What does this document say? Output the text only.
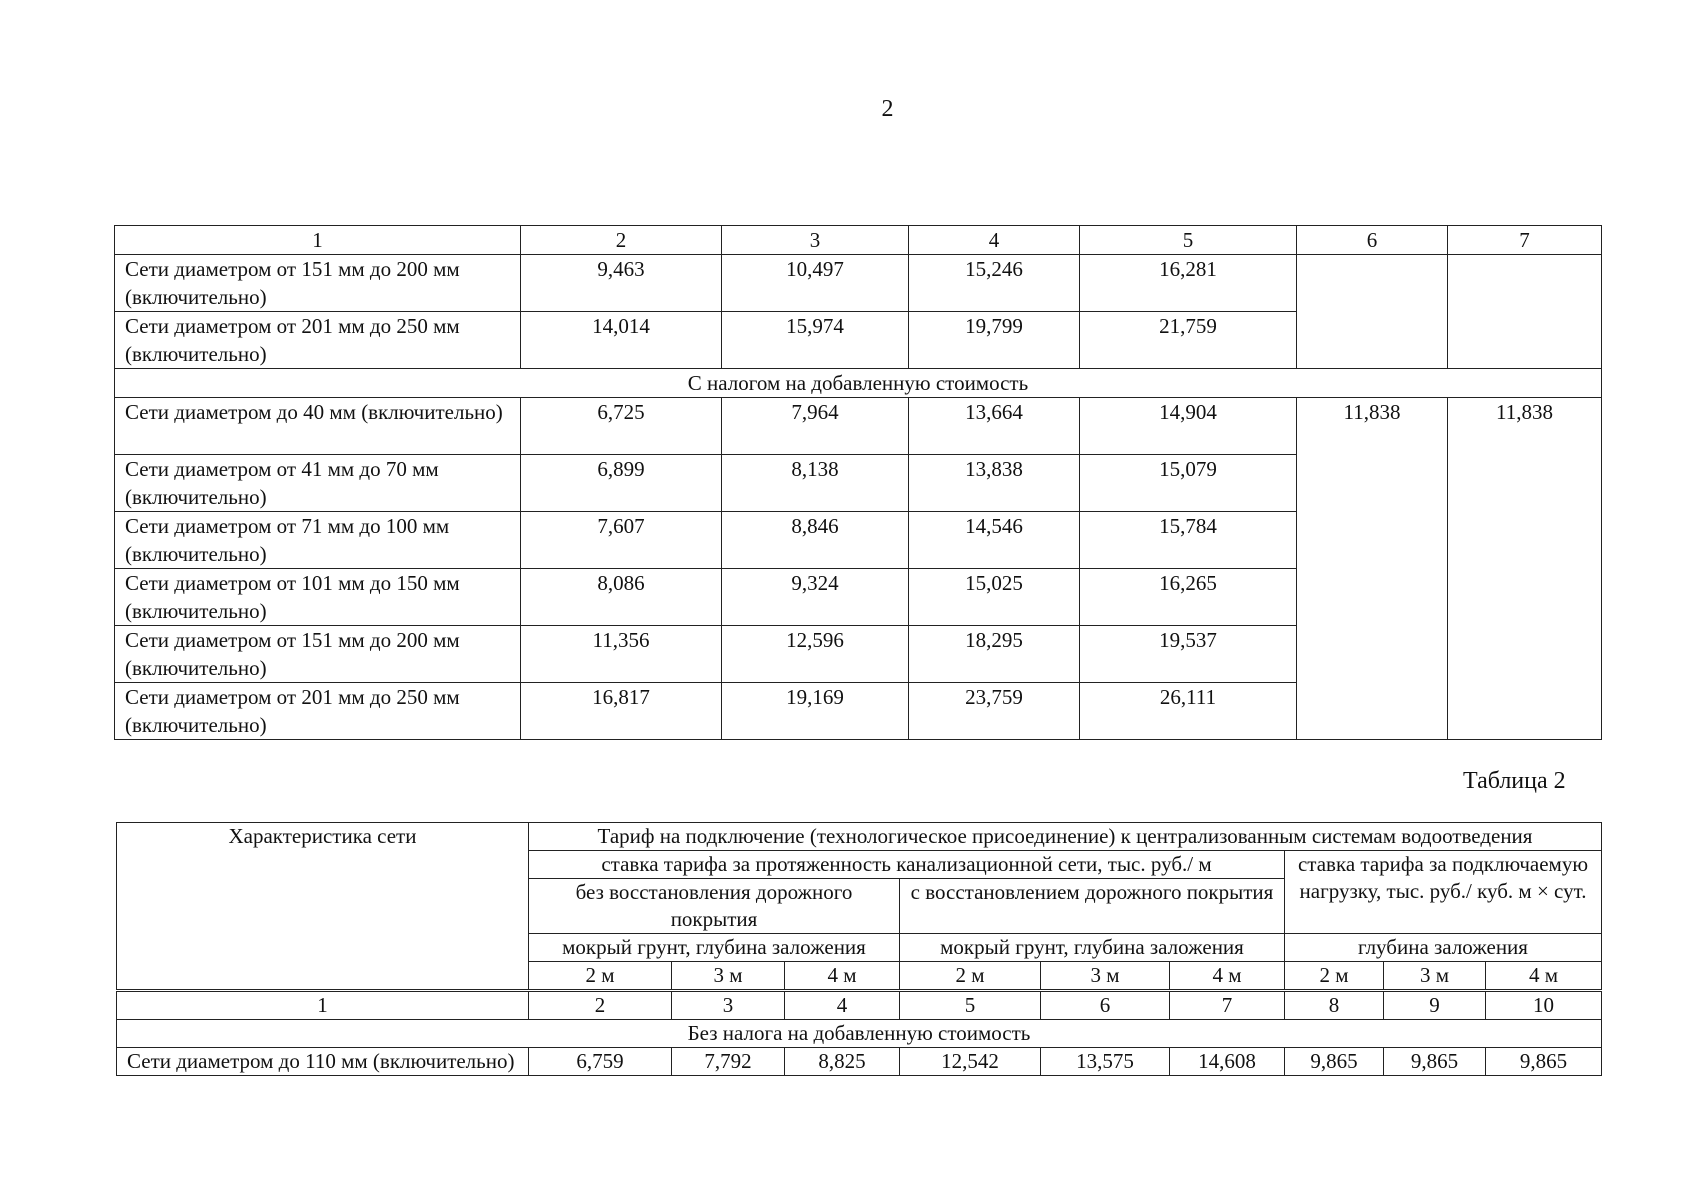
2
1	2	3	4	5	6	7
Сети диаметром от 151 мм до 200 мм (включительно)	9,463	10,497	15,246	16,281		
Сети диаметром от 201 мм до 250 мм (включительно)	14,014	15,974	19,799	21,759		
С налогом на добавленную стоимость						
Сети диаметром до 40 мм (включительно)	6,725	7,964	13,664	14,904	11,838	11,838
Сети диаметром от 41 мм до 70 мм (включительно)	6,899	8,138	13,838	15,079		
Сети диаметром от 71 мм до 100 мм (включительно)	7,607	8,846	14,546	15,784		
Сети диаметром от 101 мм до 150 мм (включительно)	8,086	9,324	15,025	16,265		
Сети диаметром от 151 мм до 200 мм (включительно)	11,356	12,596	18,295	19,537		
Сети диаметром от 201 мм до 250 мм (включительно)	16,817	19,169	23,759	26,111		
Таблица 2
Характеристика сети	Тариф на подключение (технологическое присоединение) к централизованным системам водоотведения								
	ставка тарифа за протяженность канализационной сети, тыс. руб./ м						ставка тарифа за подключаемую нагрузку, тыс. руб./ куб. м × сут.		
	без восстановления дорожного покрытия			с восстановлением дорожного покрытия					
	мокрый грунт, глубина заложения			мокрый грунт, глубина заложения			глубина заложения		
	2 м	3 м	4 м	2 м	3 м	4 м	2 м	3 м	4 м
1	2	3	4	5	6	7	8	9	10
Без налога на добавленную стоимость									
Сети диаметром до 110 мм (включительно)	6,759	7,792	8,825	12,542	13,575	14,608	9,865	9,865	9,865
